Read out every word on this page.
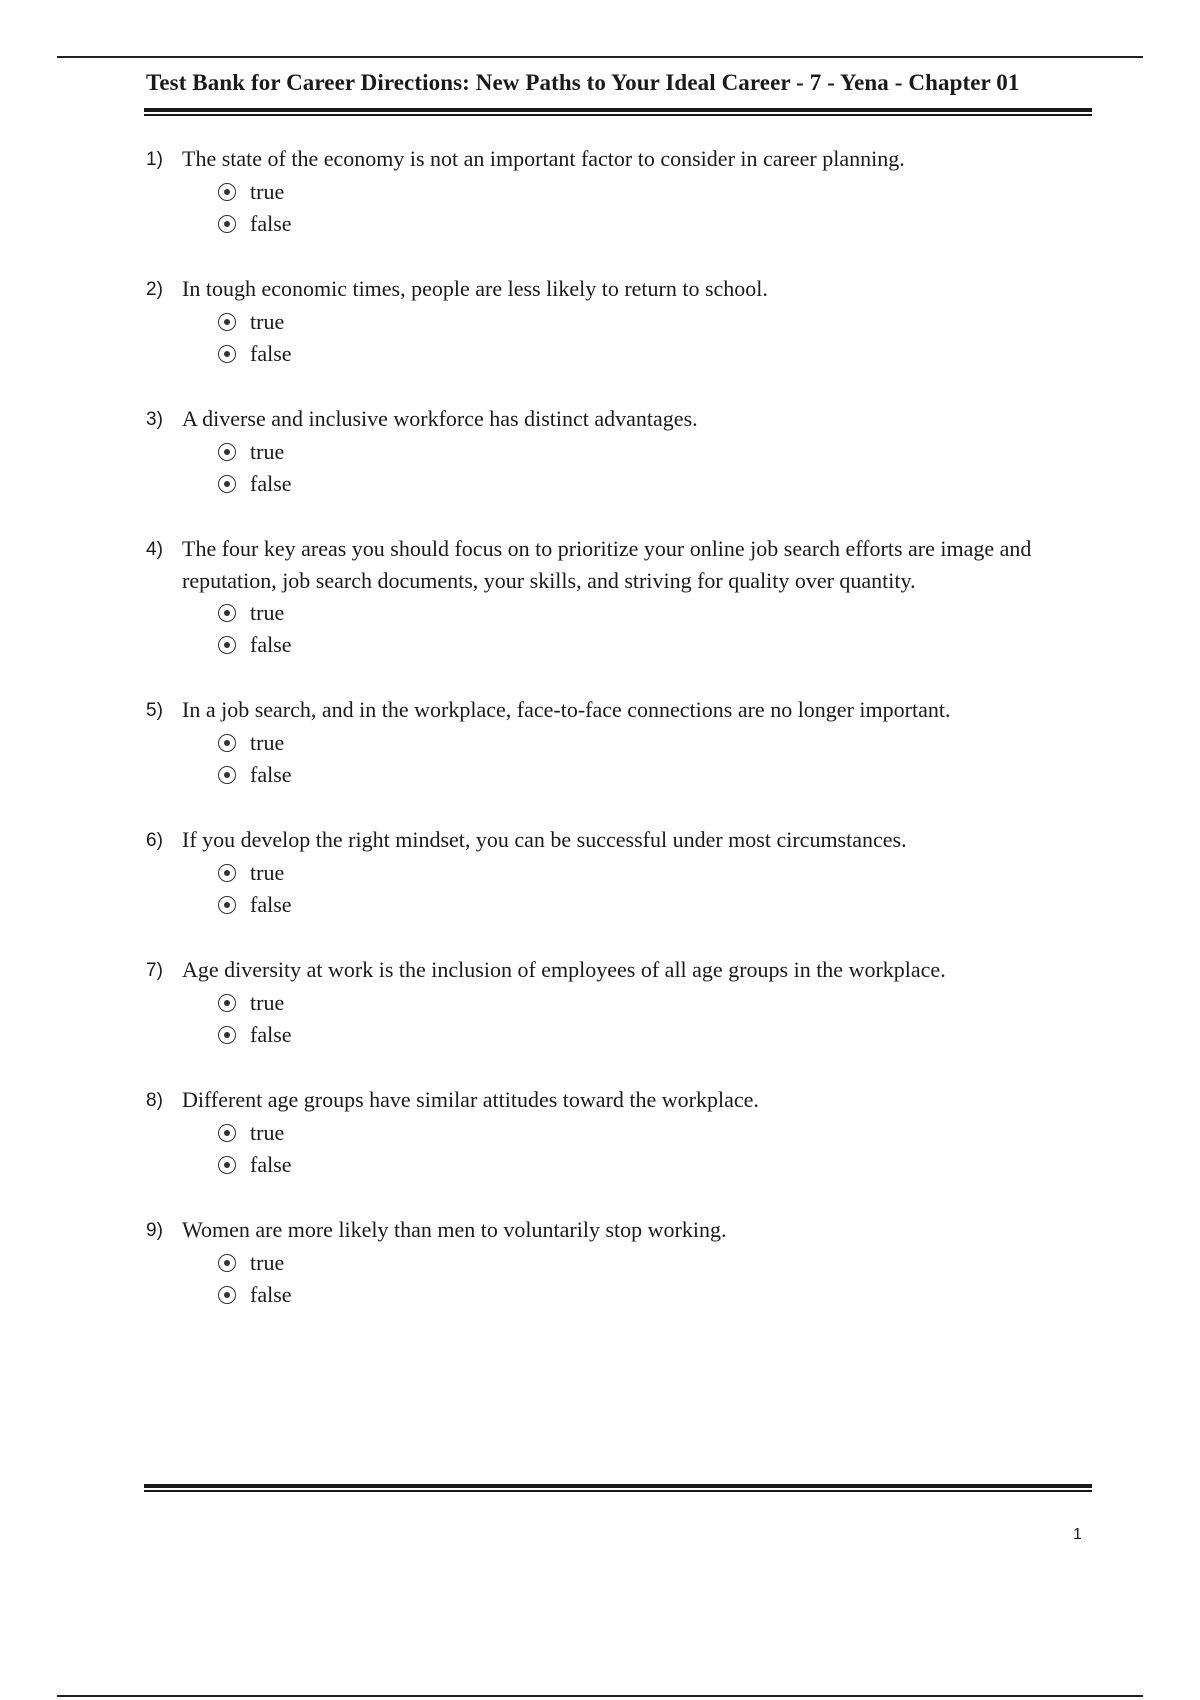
Test Bank for Career Directions: New Paths to Your Ideal Career - 7 - Yena - Chapter 01
1) The state of the economy is not an important factor to consider in career planning.
true
false
2) In tough economic times, people are less likely to return to school.
true
false
3) A diverse and inclusive workforce has distinct advantages.
true
false
4) The four key areas you should focus on to prioritize your online job search efforts are image and reputation, job search documents, your skills, and striving for quality over quantity.
true
false
5) In a job search, and in the workplace, face-to-face connections are no longer important.
true
false
6) If you develop the right mindset, you can be successful under most circumstances.
true
false
7) Age diversity at work is the inclusion of employees of all age groups in the workplace.
true
false
8) Different age groups have similar attitudes toward the workplace.
true
false
9) Women are more likely than men to voluntarily stop working.
true
false
1
